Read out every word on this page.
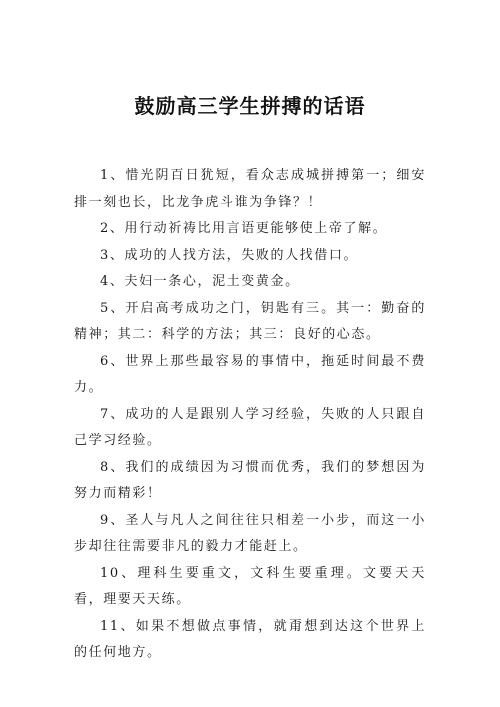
鼓励高三学生拼搏的话语

1、惜光阴百日犹短，看众志成城拼搏第一；细安排一刻也长，比龙争虎斗谁为争锋？！

2、用行动祈祷比用言语更能够使上帝了解。

3、成功的人找方法，失败的人找借口。

4、夫妇一条心，泥土变黄金。

5、开启高考成功之门，钥匙有三。其一：勤奋的精神；其二：科学的方法；其三：良好的心态。

6、世界上那些最容易的事情中，拖延时间最不费力。

7、成功的人是跟别人学习经验，失败的人只跟自己学习经验。

8、我们的成绩因为习惯而优秀，我们的梦想因为努力而精彩！

9、圣人与凡人之间往往只相差一小步，而这一小步却往往需要非凡的毅力才能赶上。

10、理科生要重文，文科生要重理。文要天天看，理要天天练。

11、如果不想做点事情，就甭想到达这个世界上的任何地方。
